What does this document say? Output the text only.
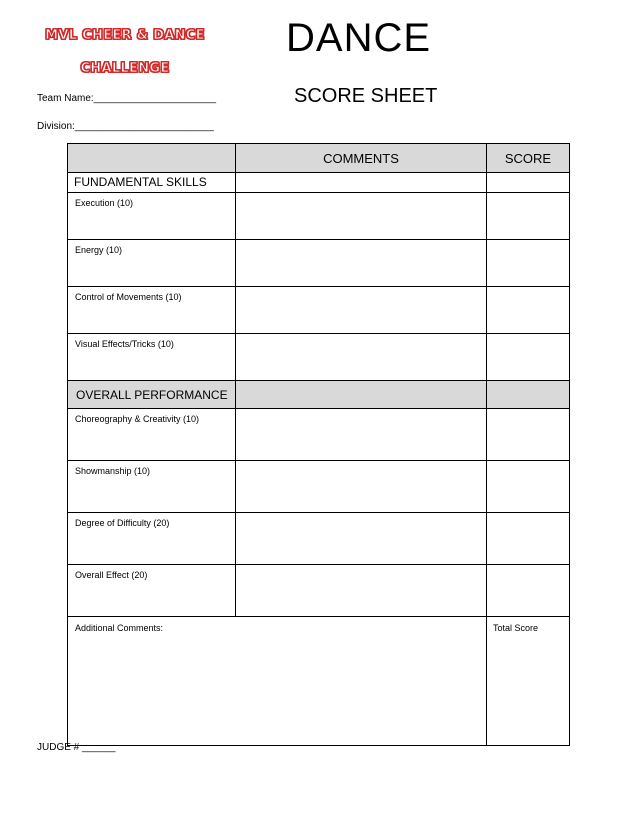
MVL CHEER & DANCE
CHALLENGE
DANCE
SCORE SHEET
Team Name:______________________
Division:_________________________
	COMMENTS	SCORE
FUNDAMENTAL SKILLS		
Execution (10)		
Energy (10)		
Control of Movements (10)		
Visual Effects/Tricks (10)		
OVERALL PERFORMANCE		
Choreography & Creativity (10)		
Showmanship (10)		
Degree of Difficulty (20)		
Overall Effect (20)		
Additional Comments:		Total Score
JUDGE # ______
